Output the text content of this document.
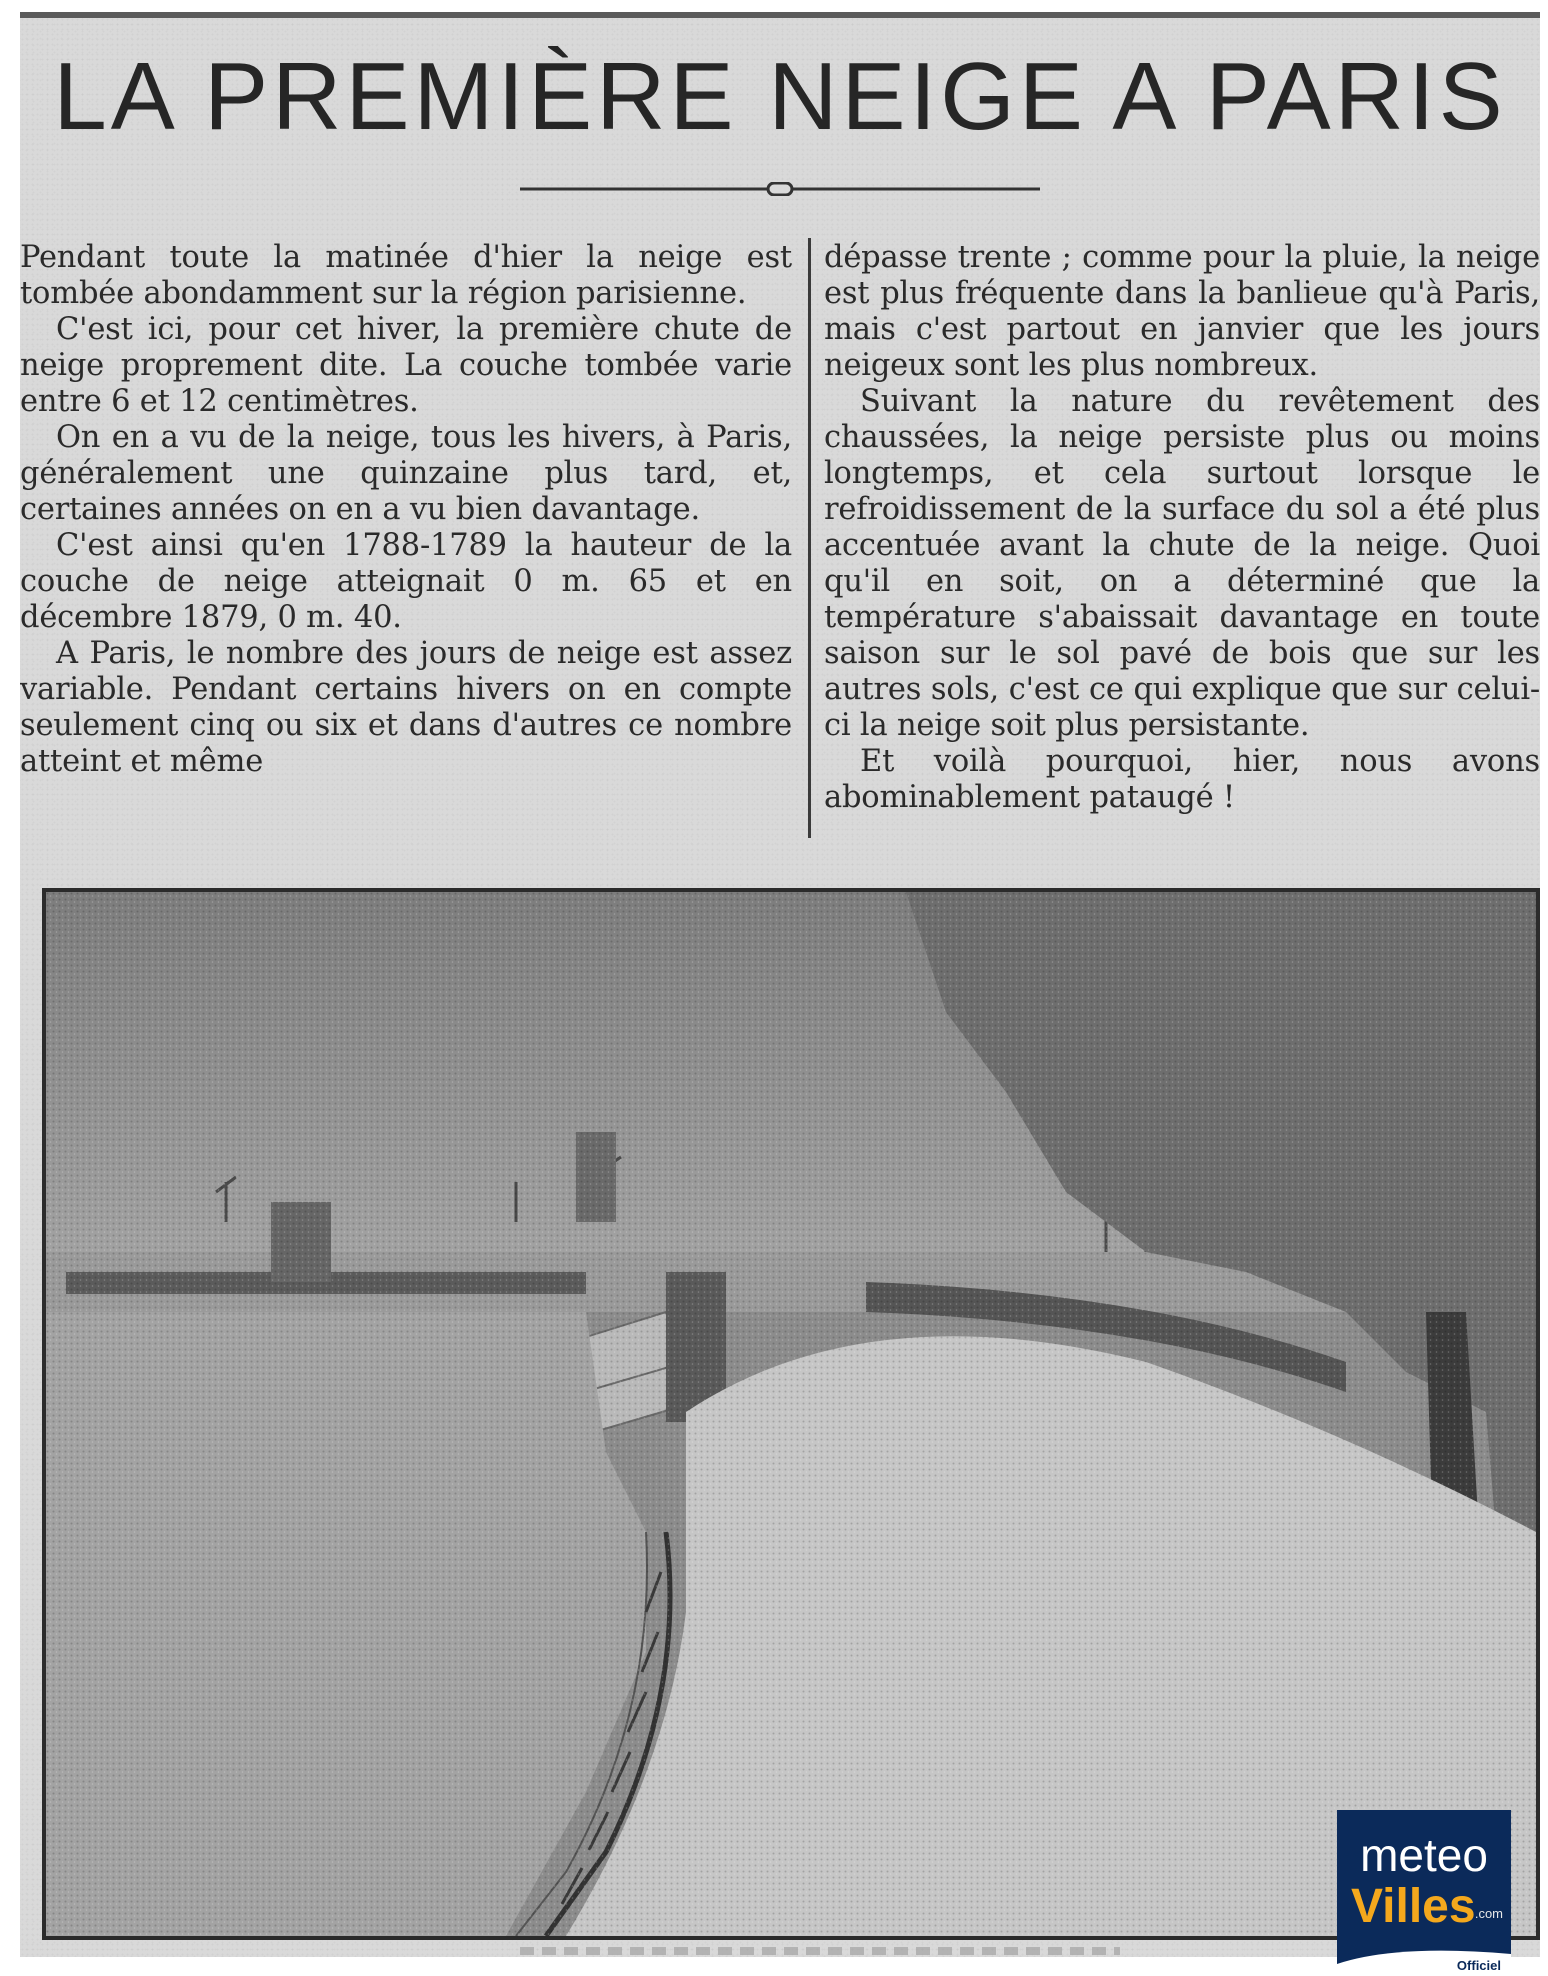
LA PREMIÈRE NEIGE A PARIS

Pendant toute la matinée d'hier la neige est tombée abondamment sur la région parisienne.

C'est ici, pour cet hiver, la première chute de neige proprement dite. La couche tombée varie entre 6 et 12 centimètres.

On en a vu de la neige, tous les hivers, à Paris, généralement une quinzaine plus tard, et, certaines années on en a vu bien davantage.

C'est ainsi qu'en 1788-1789 la hauteur de la couche de neige atteignait 0 m. 65 et en décembre 1879, 0 m. 40.

A Paris, le nombre des jours de neige est assez variable. Pendant certains hivers on en compte seulement cinq ou six et dans d'autres ce nombre atteint et même

dépasse trente ; comme pour la pluie, la neige est plus fréquente dans la banlieue qu'à Paris, mais c'est partout en janvier que les jours neigeux sont les plus nombreux.

Suivant la nature du revêtement des chaussées, la neige persiste plus ou moins longtemps, et cela surtout lorsque le refroidissement de la surface du sol a été plus accentuée avant la chute de la neige. Quoi qu'il en soit, on a déterminé que la température s'abaissait davantage en toute saison sur le sol pavé de bois que sur les autres sols, c'est ce qui explique que sur celui-ci la neige soit plus persistante.

Et voilà pourquoi, hier, nous avons abominablement pataugé !

meteo
Villes .com
Officiel
